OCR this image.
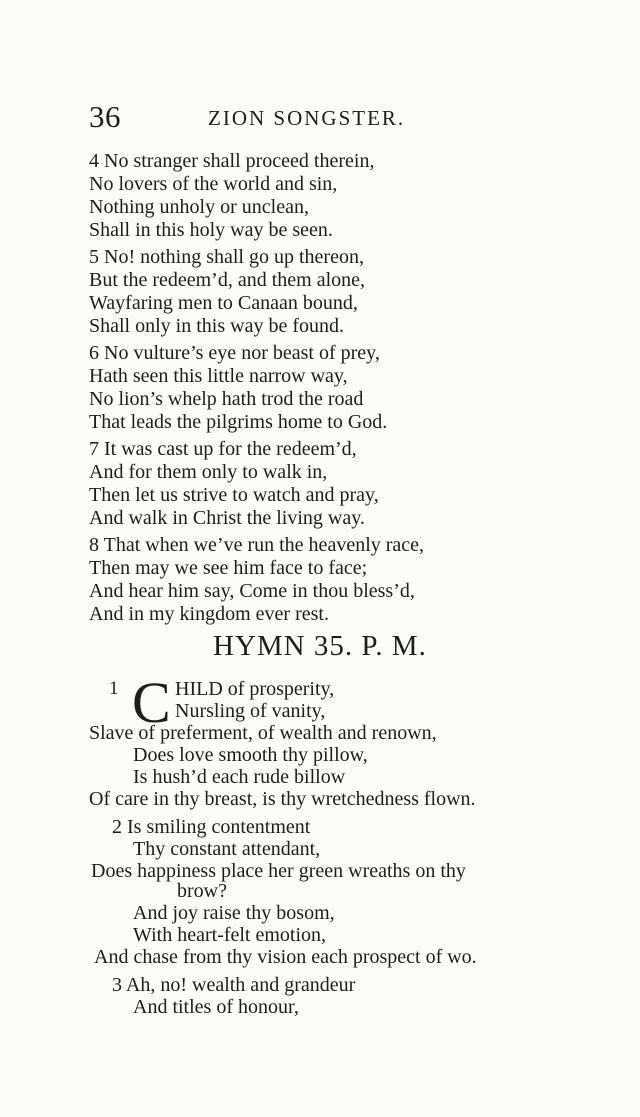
36	ZION SONGSTER.
4 No stranger shall proceed therein,
No lovers of the world and sin,
Nothing unholy or unclean,
Shall in this holy way be seen.
5 No! nothing shall go up thereon,
But the redeem’d, and them alone,
Wayfaring men to Canaan bound,
Shall only in this way be found.
6 No vulture’s eye nor beast of prey,
Hath seen this little narrow way,
No lion’s whelp hath trod the road
That leads the pilgrims home to God.
7 It was cast up for the redeem’d,
And for them only to walk in,
Then let us strive to watch and pray,
And walk in Christ the living way.
8 That when we’ve run the heavenly race,
Then may we see him face to face;
And hear him say, Come in thou bless’d,
And in my kingdom ever rest.
HYMN 35. P. M.
1 C HILD of prosperity,
Nursling of vanity,
Slave of preferment, of wealth and renown,
Does love smooth thy pillow,
Is hush’d each rude billow
Of care in thy breast, is thy wretchedness flown.
2 Is smiling contentment
Thy constant attendant,
Does happiness place her green wreaths on thy
brow?
And joy raise thy bosom,
With heart-felt emotion,
And chase from thy vision each prospect of wo.
3 Ah, no! wealth and grandeur
And titles of honour,
